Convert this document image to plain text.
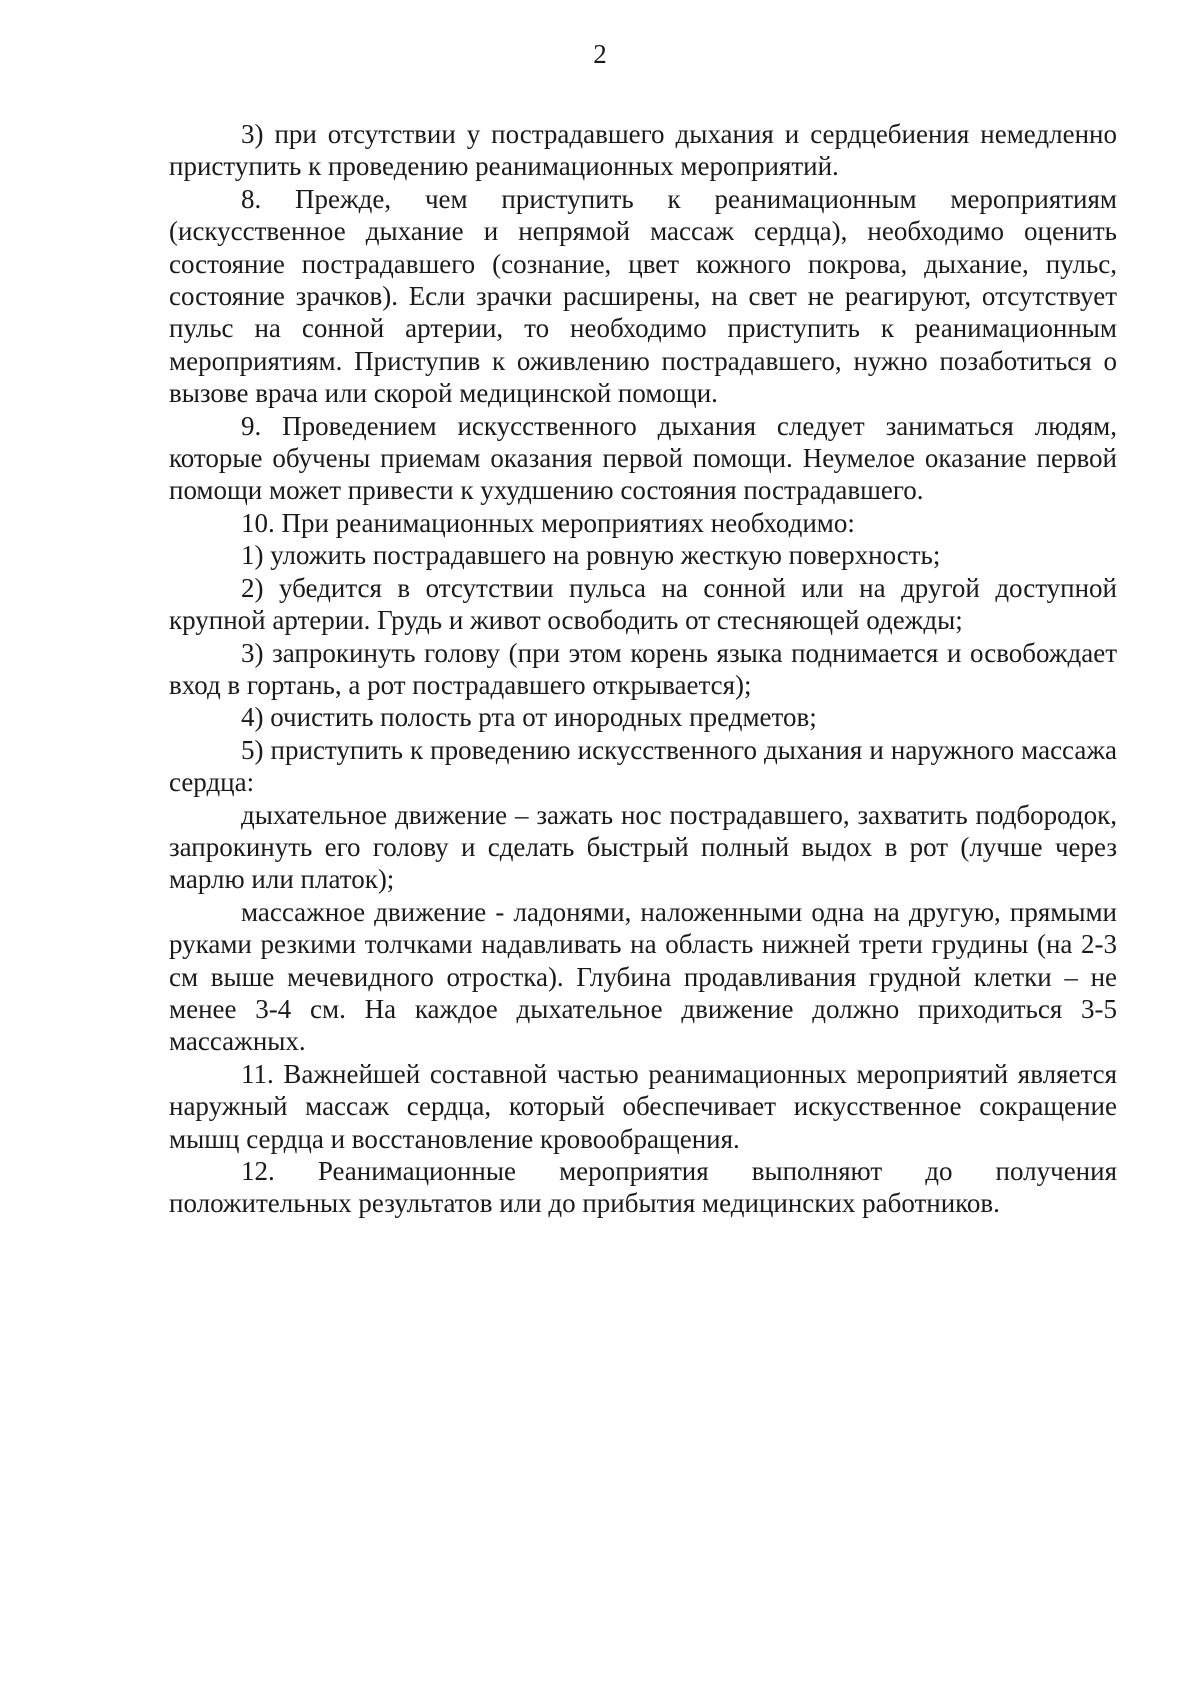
2

3) при отсутствии у пострадавшего дыхания и сердцебиения немедленно приступить к проведению реанимационных мероприятий.

8. Прежде, чем приступить к реанимационным мероприятиям (искусственное дыхание и непрямой массаж сердца), необходимо оценить состояние пострадавшего (сознание, цвет кожного покрова, дыхание, пульс, состояние зрачков). Если зрачки расширены, на свет не реагируют, отсутствует пульс на сонной артерии, то необходимо приступить к реанимационным мероприятиям. Приступив к оживлению пострадавшего, нужно позаботиться о вызове врача или скорой медицинской помощи.

9. Проведением искусственного дыхания следует заниматься людям, которые обучены приемам оказания первой помощи. Неумелое оказание первой помощи может привести к ухудшению состояния пострадавшего.

10. При реанимационных мероприятиях необходимо:

1) уложить пострадавшего на ровную жесткую поверхность;

2) убедится в отсутствии пульса на сонной или на другой доступной крупной артерии. Грудь и живот освободить от стесняющей одежды;

3) запрокинуть голову (при этом корень языка поднимается и освобождает вход в гортань, а рот пострадавшего открывается);

4) очистить полость рта от инородных предметов;

5) приступить к проведению искусственного дыхания и наружного массажа сердца:

дыхательное движение – зажать нос пострадавшего, захватить подбородок, запрокинуть его голову и сделать быстрый полный выдох в рот (лучше через марлю или платок);

массажное движение - ладонями, наложенными одна на другую, прямыми руками резкими толчками надавливать на область нижней трети грудины (на 2-3 см выше мечевидного отростка). Глубина продавливания грудной клетки – не менее 3-4 см. На каждое дыхательное движение должно приходиться 3-5 массажных.

11. Важнейшей составной частью реанимационных мероприятий является наружный массаж сердца, который обеспечивает искусственное сокращение мышц сердца и восстановление кровообращения.

12. Реанимационные мероприятия выполняют до получения положительных результатов или до прибытия медицинских работников.
